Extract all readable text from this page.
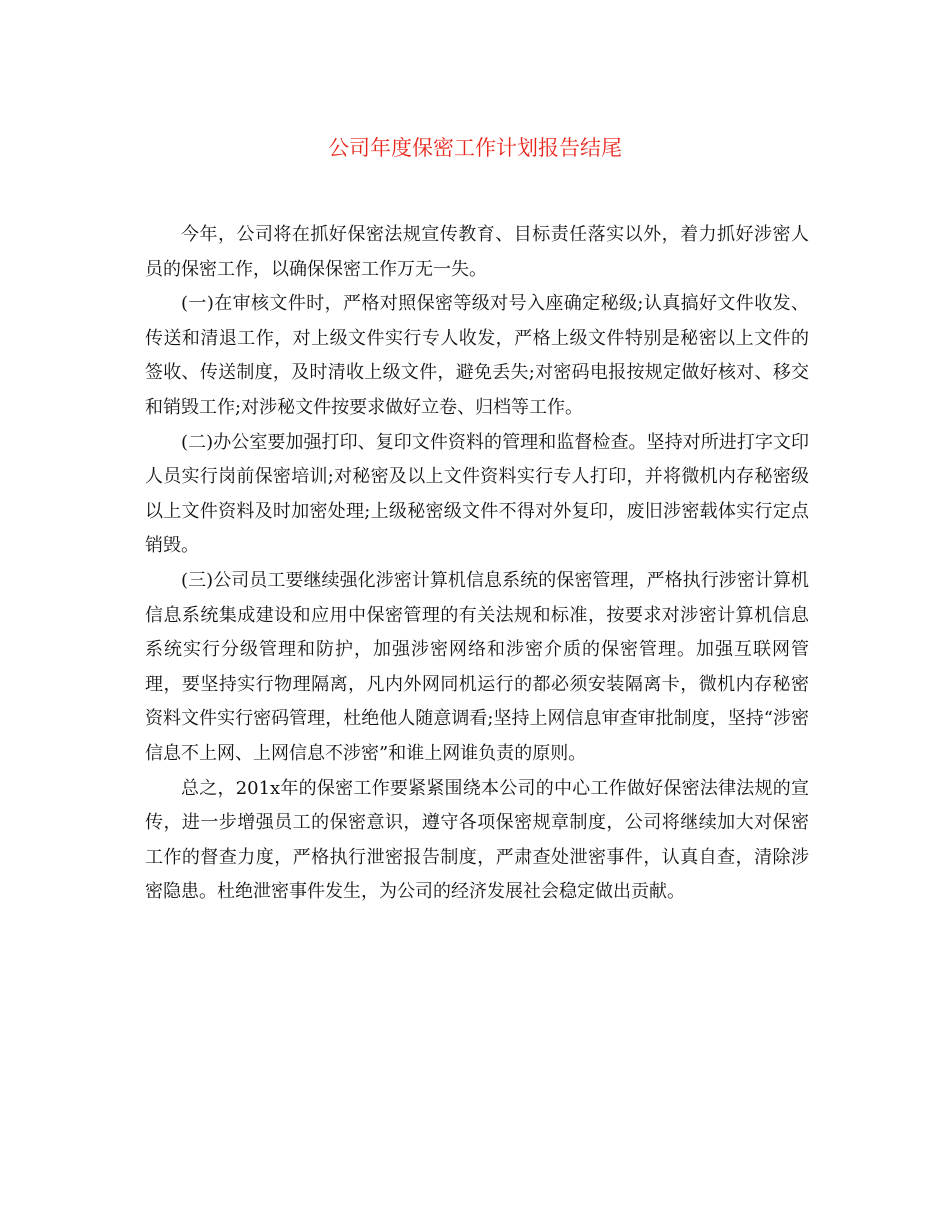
公司年度保密工作计划报告结尾

今年，公司将在抓好保密法规宣传教育、目标责任落实以外，着力抓好涉密人员的保密工作，以确保保密工作万无一失。

(一)在审核文件时，严格对照保密等级对号入座确定秘级;认真搞好文件收发、传送和清退工作，对上级文件实行专人收发，严格上级文件特别是秘密以上文件的签收、传送制度，及时清收上级文件，避免丢失;对密码电报按规定做好核对、移交和销毁工作;对涉秘文件按要求做好立卷、归档等工作。

(二)办公室要加强打印、复印文件资料的管理和监督检查。坚持对所进打字文印人员实行岗前保密培训;对秘密及以上文件资料实行专人打印，并将微机内存秘密级以上文件资料及时加密处理;上级秘密级文件不得对外复印，废旧涉密载体实行定点销毁。

(三)公司员工要继续强化涉密计算机信息系统的保密管理，严格执行涉密计算机信息系统集成建设和应用中保密管理的有关法规和标准，按要求对涉密计算机信息系统实行分级管理和防护，加强涉密网络和涉密介质的保密管理。加强互联网管理，要坚持实行物理隔离，凡内外网同机运行的都必须安装隔离卡，微机内存秘密资料文件实行密码管理，杜绝他人随意调看;坚持上网信息审查审批制度，坚持“涉密信息不上网、上网信息不涉密”和谁上网谁负责的原则。

总之，201x年的保密工作要紧紧围绕本公司的中心工作做好保密法律法规的宣传，进一步增强员工的保密意识，遵守各项保密规章制度，公司将继续加大对保密工作的督查力度，严格执行泄密报告制度，严肃查处泄密事件，认真自查，清除涉密隐患。杜绝泄密事件发生，为公司的经济发展社会稳定做出贡献。
